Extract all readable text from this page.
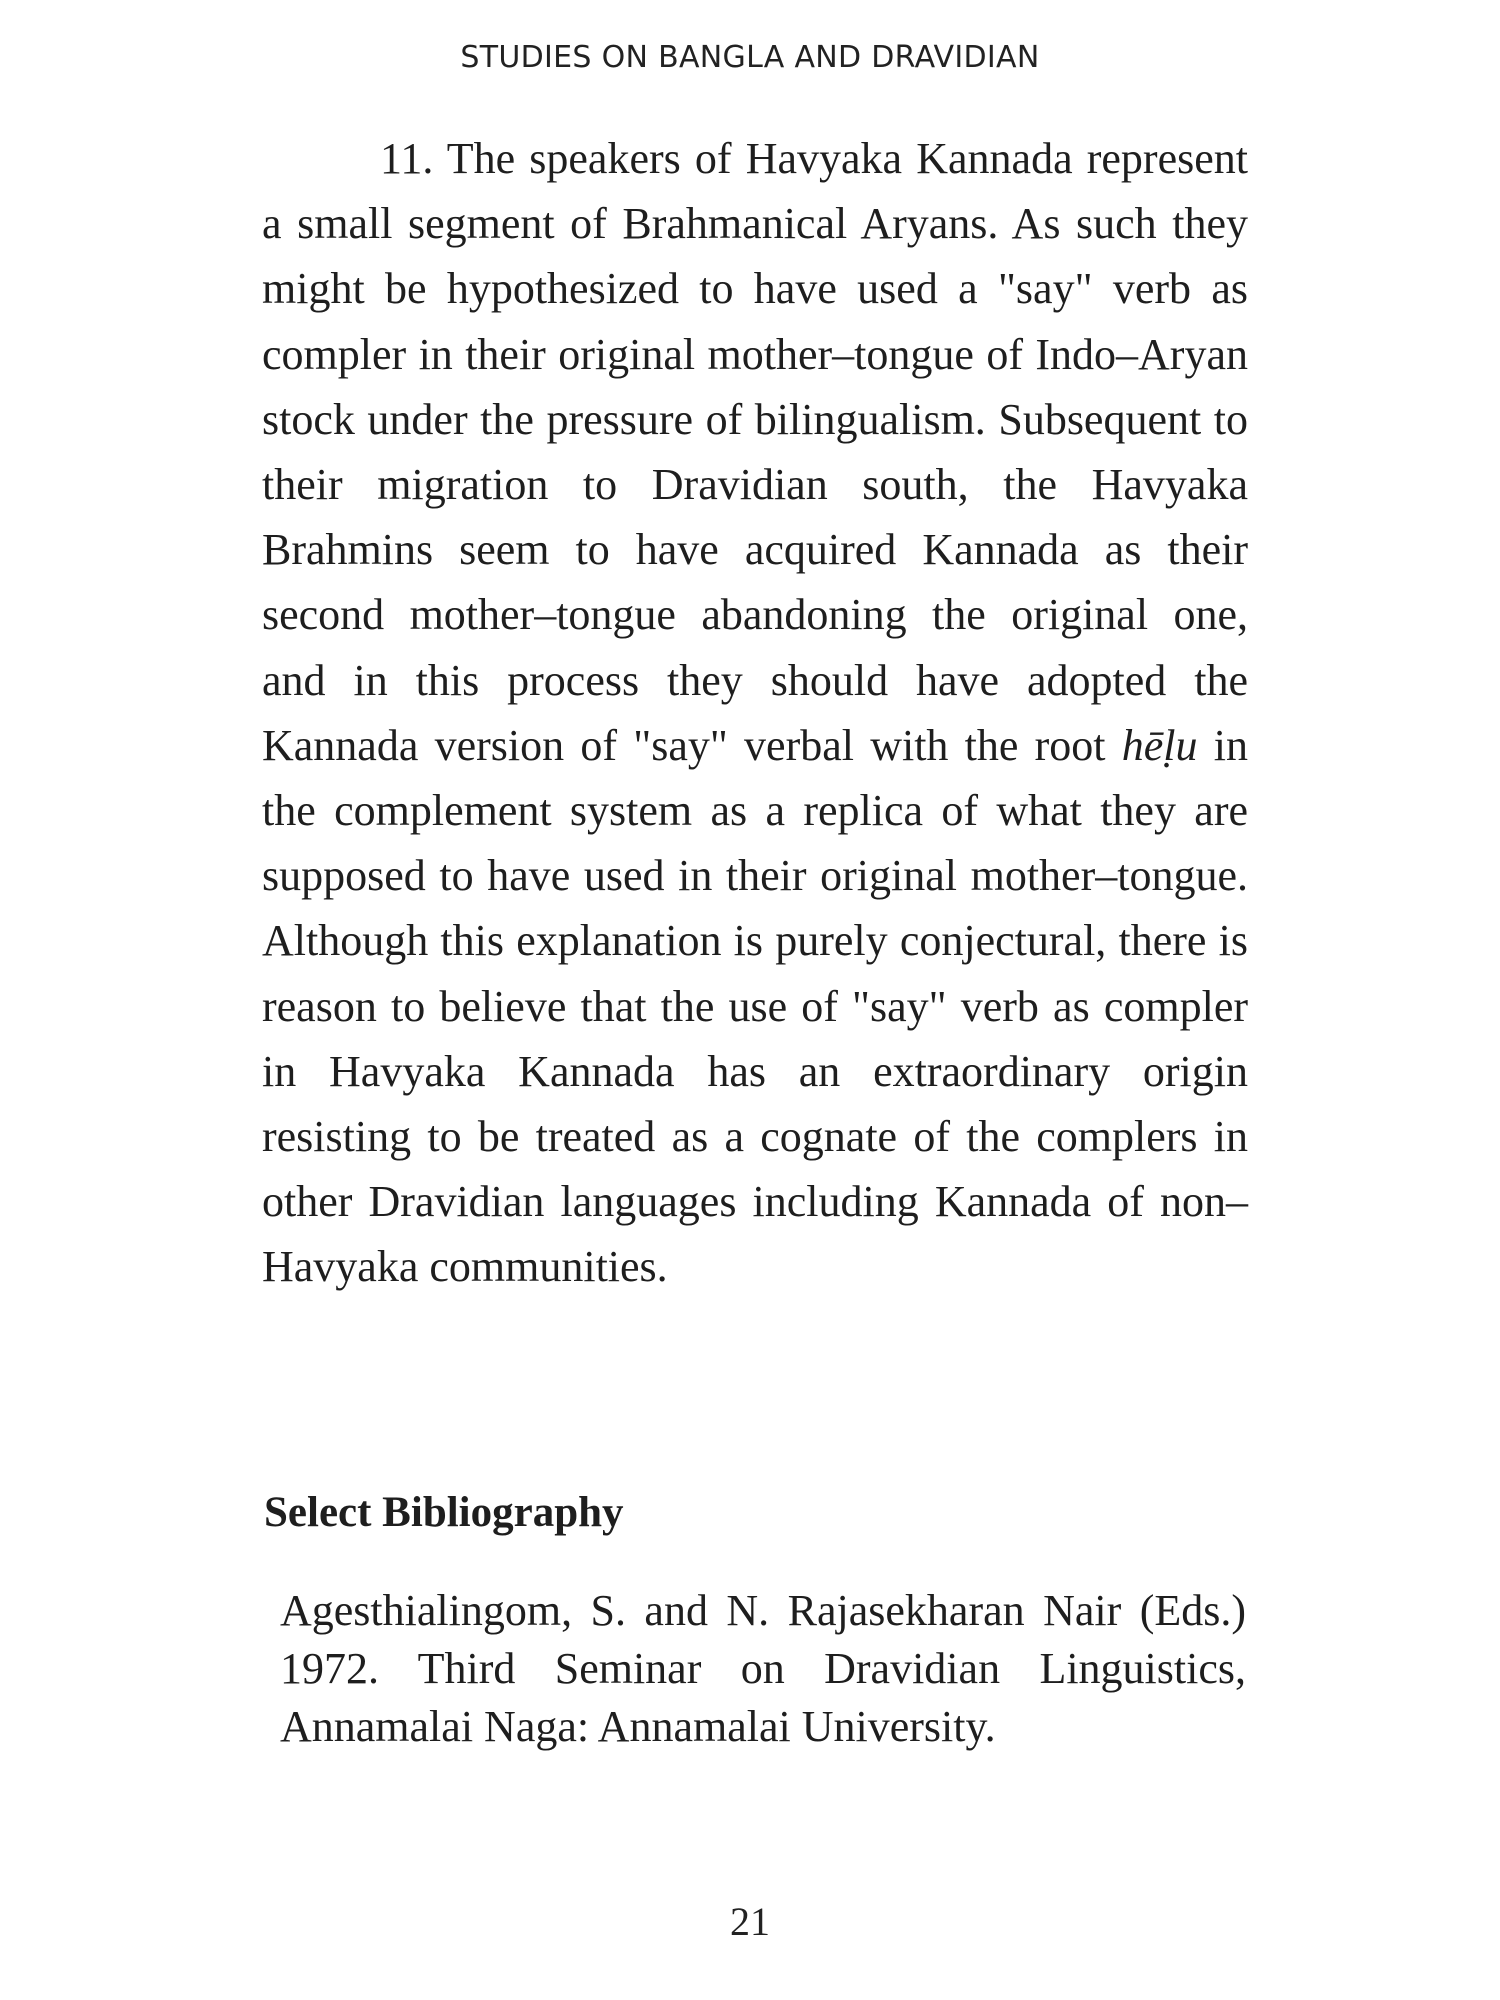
STUDIES ON BANGLA AND DRAVIDIAN

11. The speakers of Havyaka Kannada represent a small segment of Brahmanical Aryans. As such they might be hypothesized to have used a "say" verb as compler in their original mother–tongue of Indo–Aryan stock under the pressure of bilingualism. Subsequent to their migration to Dravidian south, the Havyaka Brahmins seem to have acquired Kannada as their second mother–tongue abandoning the original one, and in this process they should have adopted the Kannada version of "say" verbal with the root hēḷu in the complement system as a replica of what they are supposed to have used in their original mother–tongue. Although this explanation is purely conjectural, there is reason to believe that the use of "say" verb as compler in Havyaka Kannada has an extraordinary origin resisting to be treated as a cognate of the complers in other Dravidian languages including Kannada of non–Havyaka communities.

Select Bibliography

Agesthialingom, S. and N. Rajasekharan Nair (Eds.) 1972. Third Seminar on Dravidian Linguistics, Annamalai Naga: Annamalai University.

21
